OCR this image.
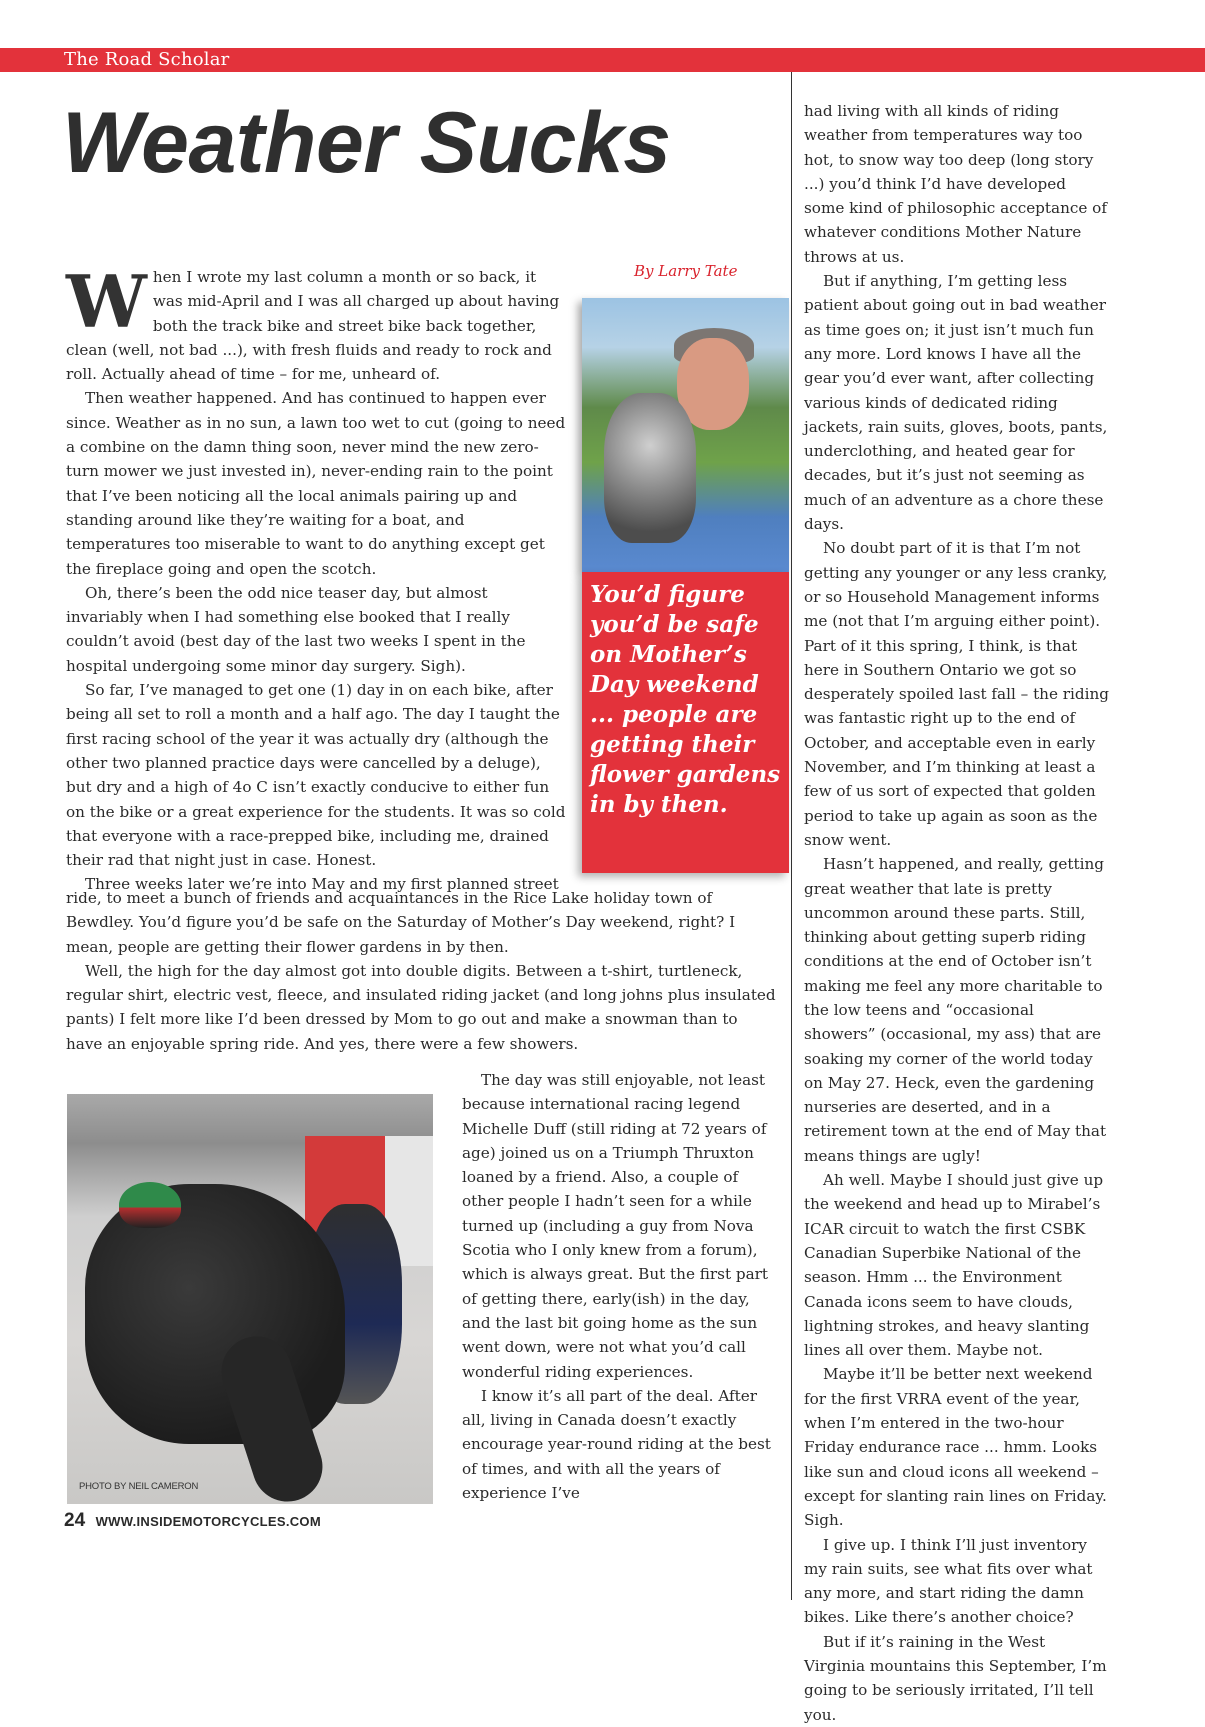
The Road Scholar
Weather Sucks
By Larry Tate

When I wrote my last column a month or so back, it was mid-April and I was all charged up about having both the track bike and street bike back together, clean (well, not bad ...), with fresh fluids and ready to rock and roll. Actually ahead of time – for me, unheard of.

Then weather happened. And has continued to happen ever since. Weather as in no sun, a lawn too wet to cut (going to need a combine on the damn thing soon, never mind the new zero-turn mower we just invested in), never-ending rain to the point that I’ve been noticing all the local animals pairing up and standing around like they’re waiting for a boat, and temperatures too miserable to want to do anything except get the fireplace going and open the scotch.

Oh, there’s been the odd nice teaser day, but almost invariably when I had something else booked that I really couldn’t avoid (best day of the last two weeks I spent in the hospital undergoing some minor day surgery. Sigh).

So far, I’ve managed to get one (1) day in on each bike, after being all set to roll a month and a half ago. The day I taught the first racing school of the year it was actually dry (although the other two planned practice days were cancelled by a deluge), but dry and a high of 4o C isn’t exactly conducive to either fun on the bike or a great experience for the students. It was so cold that everyone with a race-prepped bike, including me, drained their rad that night just in case. Honest.

Three weeks later we’re into May and my first planned street

ride, to meet a bunch of friends and acquaintances in the Rice Lake holiday town of Bewdley. You’d figure you’d be safe on the Saturday of Mother’s Day weekend, right? I mean, people are getting their flower gardens in by then.

Well, the high for the day almost got into double digits. Between a t-shirt, turtleneck, regular shirt, electric vest, fleece, and insulated riding jacket (and long johns plus insulated pants) I felt more like I’d been dressed by Mom to go out and make a snowman than to have an enjoyable spring ride. And yes, there were a few showers.

You’d figure you’d be safe on Mother’s Day weekend ... people are getting their flower gardens in by then.
PHOTO BY NEIL CAMERON

The day was still enjoyable, not least because international racing legend Michelle Duff (still riding at 72 years of age) joined us on a Triumph Thruxton loaned by a friend. Also, a couple of other people I hadn’t seen for a while turned up (including a guy from Nova Scotia who I only knew from a forum), which is always great. But the first part of getting there, early(ish) in the day, and the last bit going home as the sun went down, were not what you’d call wonderful riding experiences.

I know it’s all part of the deal. After all, living in Canada doesn’t exactly encourage year-round riding at the best of times, and with all the years of experience I’ve

had living with all kinds of riding weather from temperatures way too hot, to snow way too deep (long story ...) you’d think I’d have developed some kind of philosophic acceptance of whatever conditions Mother Nature throws at us.

But if anything, I’m getting less patient about going out in bad weather as time goes on; it just isn’t much fun any more. Lord knows I have all the gear you’d ever want, after collecting various kinds of dedicated riding jackets, rain suits, gloves, boots, pants, underclothing, and heated gear for decades, but it’s just not seeming as much of an adventure as a chore these days.

No doubt part of it is that I’m not getting any younger or any less cranky, or so Household Management informs me (not that I’m arguing either point). Part of it this spring, I think, is that here in Southern Ontario we got so desperately spoiled last fall – the riding was fantastic right up to the end of October, and acceptable even in early November, and I’m thinking at least a few of us sort of expected that golden period to take up again as soon as the snow went.

Hasn’t happened, and really, getting great weather that late is pretty uncommon around these parts. Still, thinking about getting superb riding conditions at the end of October isn’t making me feel any more charitable to the low teens and “occasional showers” (occasional, my ass) that are soaking my corner of the world today on May 27. Heck, even the gardening nurseries are deserted, and in a retirement town at the end of May that means things are ugly!

Ah well. Maybe I should just give up the weekend and head up to Mirabel’s ICAR circuit to watch the first CSBK Canadian Superbike National of the season. Hmm ... the Environment Canada icons seem to have clouds, lightning strokes, and heavy slanting lines all over them. Maybe not.

Maybe it’ll be better next weekend for the first VRRA event of the year, when I’m entered in the two-hour Friday endurance race ... hmm. Looks like sun and cloud icons all weekend – except for slanting rain lines on Friday. Sigh.

I give up. I think I’ll just inventory my rain suits, see what fits over what any more, and start riding the damn bikes. Like there’s another choice?

But if it’s raining in the West Virginia mountains this September, I’m going to be seriously irritated, I’ll tell you.

24 WWW.INSIDEMOTORCYCLES.COM
